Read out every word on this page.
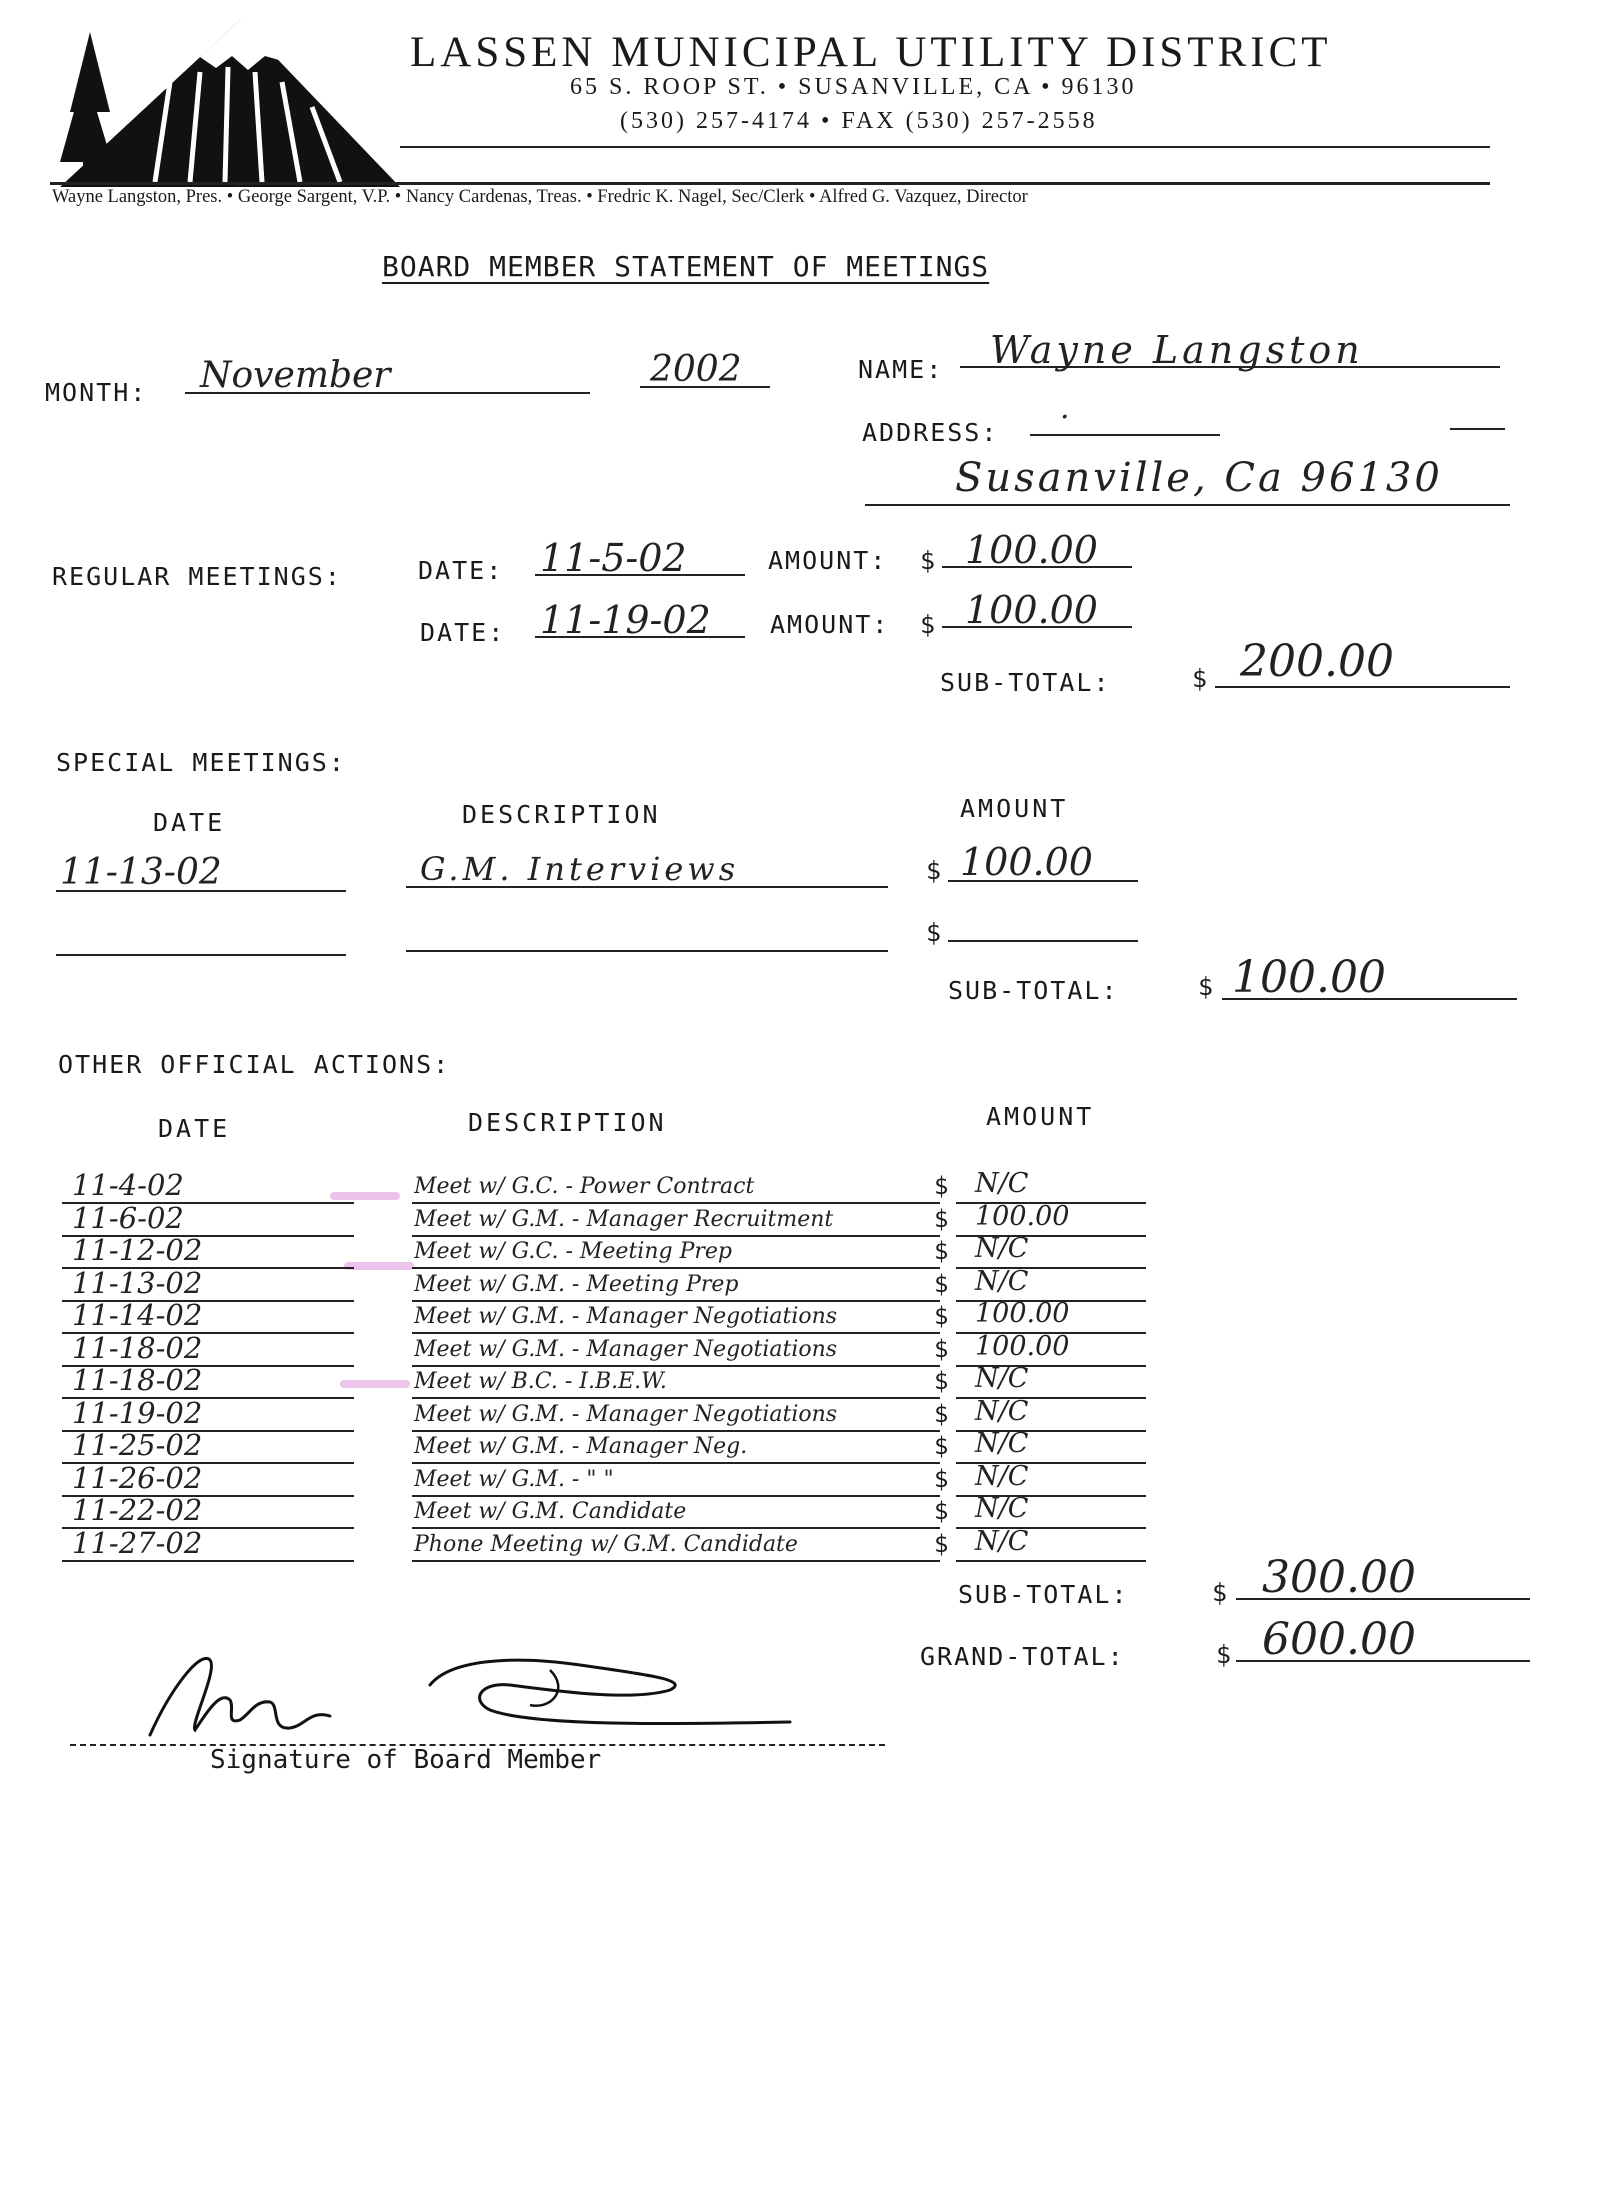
LASSEN MUNICIPAL UTILITY DISTRICT
65 S. ROOP ST. • SUSANVILLE, CA • 96130
(530) 257-4174 • FAX (530) 257-2558
Wayne Langston, Pres. • George Sargent, V.P. • Nancy Cardenas, Treas. • Fredric K. Nagel, Sec/Clerk • Alfred G. Vazquez, Director
BOARD MEMBER STATEMENT OF MEETINGS
MONTH: November	2002	NAME: Wayne Langston
ADDRESS: ·
Susanville, Ca 96130
REGULAR MEETINGS:	DATE: 11-5-02	AMOUNT: $ 100.00
DATE: 11-19-02 AMOUNT: $ 100.00
SUB-TOTAL:	$ 200.00
SPECIAL MEETINGS:
DATE	DESCRIPTION	AMOUNT
11-13-02	G.M. Interviews	$ 100.00
$
SUB-TOTAL:	$ 100.00
OTHER OFFICIAL ACTIONS:
DATE	DESCRIPTION	AMOUNT
11-4-02	Meet w/ G.C. - Power Contract	$ N/C
11-6-02	Meet w/ G.M. - Manager Recruitment	$ 100.00
11-12-02	Meet w/ G.C. - Meeting Prep	$ N/C
11-13-02	Meet w/ G.M. - Meeting Prep	$ N/C
11-14-02	Meet w/ G.M. - Manager Negotiations	$ 100.00
11-18-02	Meet w/ G.M. - Manager Negotiations	$ 100.00
11-18-02	Meet w/ B.C. - I.B.E.W.	$ N/C
11-19-02	Meet w/ G.M. - Manager Negotiations	$ N/C
11-25-02	Meet w/ G.M. - Manager Neg.	$ N/C
11-26-02	Meet w/ G.M. - " "	$ N/C
11-22-02	Meet w/ G.M. Candidate	$ N/C
11-27-02	Phone Meeting w/ G.M. Candidate	$ N/C
SUB-TOTAL:	$ 300.00
GRAND-TOTAL:	$ 600.00
Signature of Board Member
